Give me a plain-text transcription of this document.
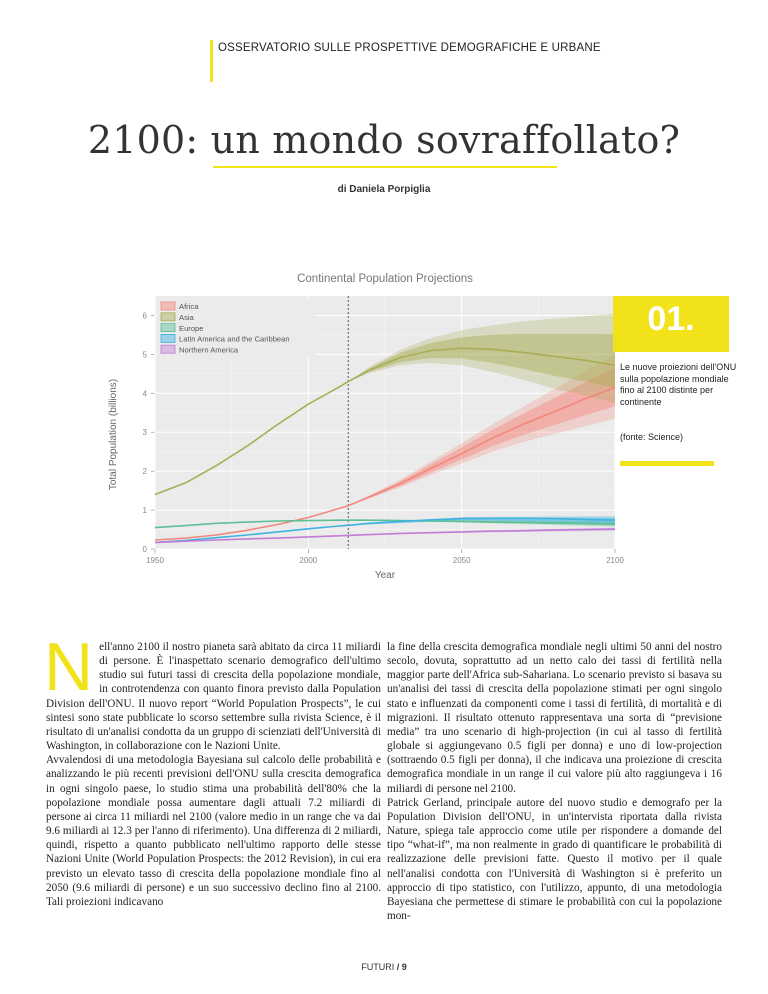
OSSERVATORIO SULLE PROSPETTIVE DEMOGRAFICHE E URBANE
2100: un mondo sovraffollato?
di Daniela Porpiglia
0
1
2
3
4
5
6
1950	2000	2050	2100
Continental Population Projections
Year
Total Population (billions)
Africa
Asia
Europe
Latin America and the Caribbean
Northern America
01.
Le nuove proiezioni dell'ONU sulla popolazione mondiale fino al 2100 distinte per continente
(fonte: Science)

Nell'anno 2100 il nostro pianeta sarà abitato da circa 11 miliardi di persone. È l'inaspettato scenario demografico dell'ultimo studio sui futuri tassi di crescita della popolazione mondiale, in controtendenza con quanto finora previsto dalla Population Division dell'ONU. Il nuovo report “World Population Prospects”, le cui sintesi sono state pubblicate lo scorso settembre sulla rivista Science, è il risultato di un'analisi condotta da un gruppo di scienziati dell'Università di Washington, in collaborazione con le Nazioni Unite.

Avvalendosi di una metodologia Bayesiana sul calcolo delle probabilità e analizzando le più recenti previsioni dell'ONU sulla crescita demografica in ogni singolo paese, lo studio stima una probabilità dell'80% che la popolazione mondiale possa aumentare dagli attuali 7.2 miliardi di persone ai circa 11 miliardi nel 2100 (valore medio in un range che va dai 9.6 miliardi ai 12.3 per l'anno di riferimento). Una differenza di 2 miliardi, quindi, rispetto a quanto pubblicato nell'ultimo rapporto delle stesse Nazioni Unite (World Population Prospects: the 2012 Revision), in cui era previsto un elevato tasso di crescita della popolazione mondiale fino al 2050 (9.6 miliardi di persone) e un suo successivo declino fino al 2100. Tali proiezioni indicavano

la fine della crescita demografica mondiale negli ultimi 50 anni del nostro secolo, dovuta, soprattutto ad un netto calo dei tassi di fertilità nella maggior parte dell'Africa sub-Sahariana. Lo scenario previsto si basava su un'analisi dei tassi di crescita della popolazione stimati per ogni singolo stato e influenzati da componenti come i tassi di fertilità, di mortalità e di migrazioni. Il risultato ottenuto rappresentava una sorta di “previsione media” tra uno scenario di high-projection (in cui al tasso di fertilità globale si aggiungevano 0.5 figli per donna) e uno di low-projection (sottraendo 0.5 figli per donna), il che indicava una proiezione di crescita demografica mondiale in un range il cui valore più alto raggiungeva i 16 miliardi di persone nel 2100.

Patrick Gerland, principale autore del nuovo studio e demografo per la Population Division dell'ONU, in un'intervista riportata dalla rivista Nature, spiega tale approccio come utile per rispondere a domande del tipo “what-if”, ma non realmente in grado di quantificare le probabilità di realizzazione delle previsioni fatte. Questo il motivo per il quale nell'analisi condotta con l'Università di Washington si è preferito un approccio di tipo statistico, con l'utilizzo, appunto, di una metodologia Bayesiana che permettese di stimare le probabilità con cui la popolazione mon-

FUTURI / 9
